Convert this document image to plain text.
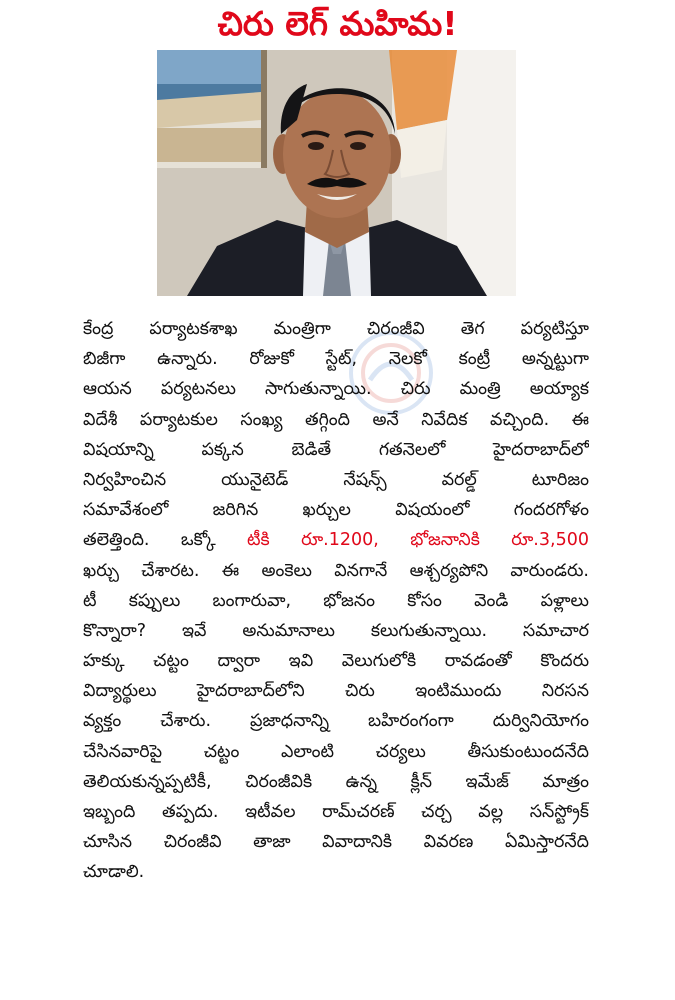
చిరు లెగ్ మహిమ!
కేంద్ర పర్యాటకశాఖ మంత్రిగా చిరంజీవి తెగ పర్యటిస్తూ
బిజీగా ఉన్నారు. రోజుకో స్టేట్, నెలకో కంట్రీ అన్నట్టుగా
ఆయన పర్యటనలు సాగుతున్నాయి. చిరు మంత్రి అయ్యాక
విదేశీ పర్యాటకుల సంఖ్య తగ్గింది అనే నివేదిక వచ్చింది. ఈ
విషయాన్ని పక్కన బెడితే గతనెలలో హైదరాబాద్‌లో
నిర్వహించిన యునైటెడ్ నేషన్స్ వరల్డ్ టూరిజం
సమావేశంలో జరిగిన ఖర్చుల విషయంలో గందరగోళం
తలెత్తింది. ఒక్కో టీకి రూ.1200, భోజనానికి రూ.3,500
ఖర్చు చేశారట. ఈ అంకెలు వినగానే ఆశ్చర్యపోని వారుండరు.
టీ కప్పులు బంగారువా, భోజనం కోసం వెండి పళ్లాలు
కొన్నారా? ఇవే అనుమానాలు కలుగుతున్నాయి. సమాచార
హక్కు చట్టం ద్వారా ఇవి వెలుగులోకి రావడంతో కొందరు
విద్యార్థులు హైదరాబాద్‌లోని చిరు ఇంటిముందు నిరసన
వ్యక్తం చేశారు. ప్రజాధనాన్ని బహిరంగంగా దుర్వినియోగం
చేసినవారిపై చట్టం ఎలాంటి చర్యలు తీసుకుంటుందనేది
తెలియకున్నప్పటికీ, చిరంజీవికి ఉన్న క్లీన్ ఇమేజ్ మాత్రం
ఇబ్బంది తప్పదు. ఇటీవల రామ్‌చరణ్ చర్చ వల్ల సన్‌స్ట్రోక్
చూసిన చిరంజీవి తాజా వివాదానికి వివరణ ఏమిస్తారనేది
చూడాలి.
